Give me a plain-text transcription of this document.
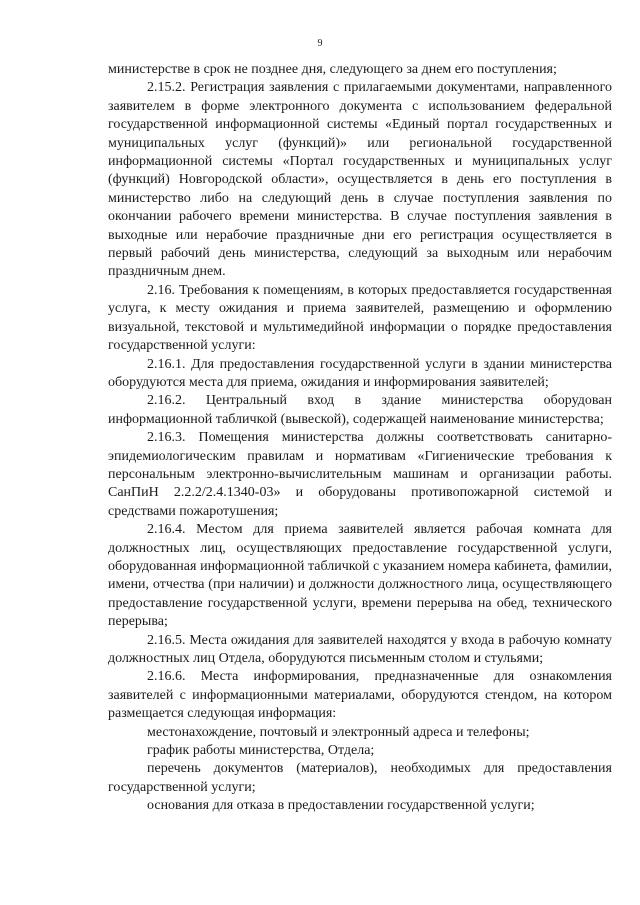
9

министерстве в срок не позднее дня, следующего за днем его поступления;

2.15.2. Регистрация заявления с прилагаемыми документами, направленного заявителем в форме электронного документа с использованием федеральной государственной информационной системы «Единый портал государственных и муниципальных услуг (функций)» или региональной государственной информационной системы «Портал государственных и муниципальных услуг (функций) Новгородской области», осуществляется в день его поступления в министерство либо на следующий день в случае поступления заявления по окончании рабочего времени министерства. В случае поступления заявления в выходные или нерабочие праздничные дни его регистрация осуществляется в первый рабочий день министерства, следующий за выходным или нерабочим праздничным днем.

2.16. Требования к помещениям, в которых предоставляется государственная услуга, к месту ожидания и приема заявителей, размещению и оформлению визуальной, текстовой и мультимедийной информации о порядке предоставления государственной услуги:

2.16.1. Для предоставления государственной услуги в здании министерства оборудуются места для приема, ожидания и информирования заявителей;

2.16.2. Центральный вход в здание министерства оборудован информационной табличкой (вывеской), содержащей наименование министерства;

2.16.3. Помещения министерства должны соответствовать санитарно-эпидемиологическим правилам и нормативам «Гигиенические требования к персональным электронно-вычислительным машинам и организации работы. СанПиН 2.2.2/2.4.1340-03» и оборудованы противопожарной системой и средствами пожаротушения;

2.16.4. Местом для приема заявителей является рабочая комната для должностных лиц, осуществляющих предоставление государственной услуги, оборудованная информационной табличкой с указанием номера кабинета, фамилии, имени, отчества (при наличии) и должности должностного лица, осуществляющего предоставление государственной услуги, времени перерыва на обед, технического перерыва;

2.16.5. Места ожидания для заявителей находятся у входа в рабочую комнату должностных лиц Отдела, оборудуются письменным столом и стульями;

2.16.6. Места информирования, предназначенные для ознакомления заявителей с информационными материалами, оборудуются стендом, на котором размещается следующая информация:

местонахождение, почтовый и электронный адреса и телефоны;

график работы министерства, Отдела;

перечень документов (материалов), необходимых для предоставления государственной услуги;

основания для отказа в предоставлении государственной услуги;
